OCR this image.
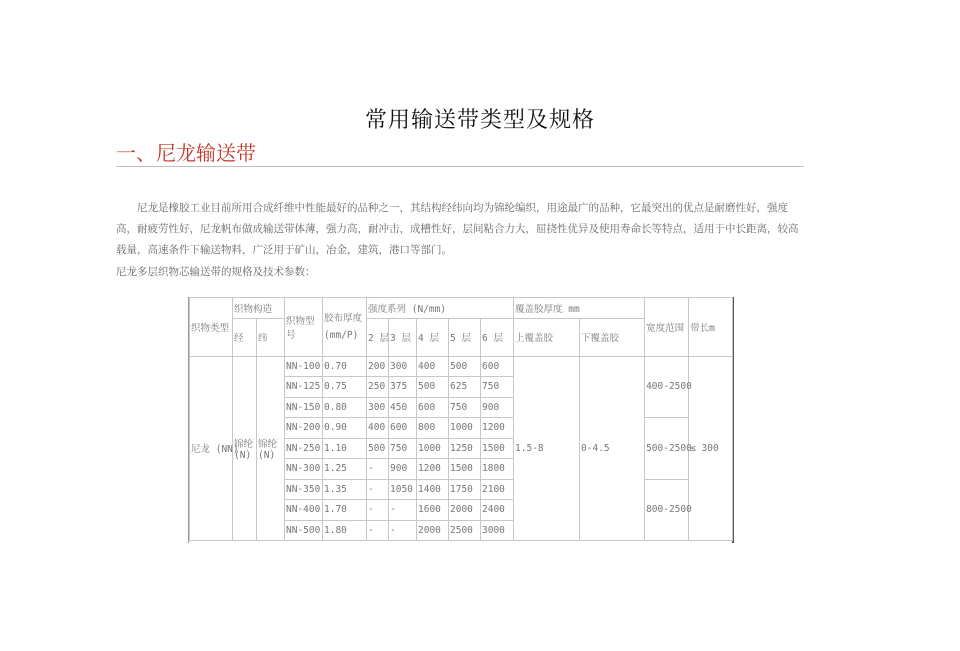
常用输送带类型及规格
一、尼龙输送带
尼龙是橡胶工业目前所用合成纤维中性能最好的品种之一，其结构经纬向均为锦纶编织，用途最广的品种，它最突出的优点是耐磨性好，强度高，耐疲劳性好，尼龙帆布做成输送带体薄，强力高，耐冲击，成槽性好，层间粘合力大，屈挠性优异及使用寿命长等特点，适用于中长距离，较高载量，高速条件下输送物料，广泛用于矿山，冶金，建筑，港口等部门。
尼龙多层织物芯输送带的规格及技术参数：
织物类型	织物构造		织物型号	胶布厚度(mm/P)	强度系列 (N/mm)					覆盖胶厚度 mm		宽度范围	带长m
	经	纬			2 层	3 层	4 层	5 层	6 层	上覆盖胶	下覆盖胶		
尼龙 (NN)	锦纶(N)	锦纶(N)	NN-100	0.70	200	300	400	500	600	1.5-8	0-4.5	400-2500	≤ 300
			NN-125	0.75	250	375	500	625	750				
			NN-150	0.80	300	450	600	750	900				
			NN-200	0.90	400	600	800	1000	1200			500-2500	
			NN-250	1.10	500	750	1000	1250	1500				
			NN-300	1.25	-	900	1200	1500	1800				
			NN-350	1.35	-	1050	1400	1750	2100			800-2500	
			NN-400	1.70	-	-	1600	2000	2400				
			NN-500	1.80	-	-	2000	2500	3000				
